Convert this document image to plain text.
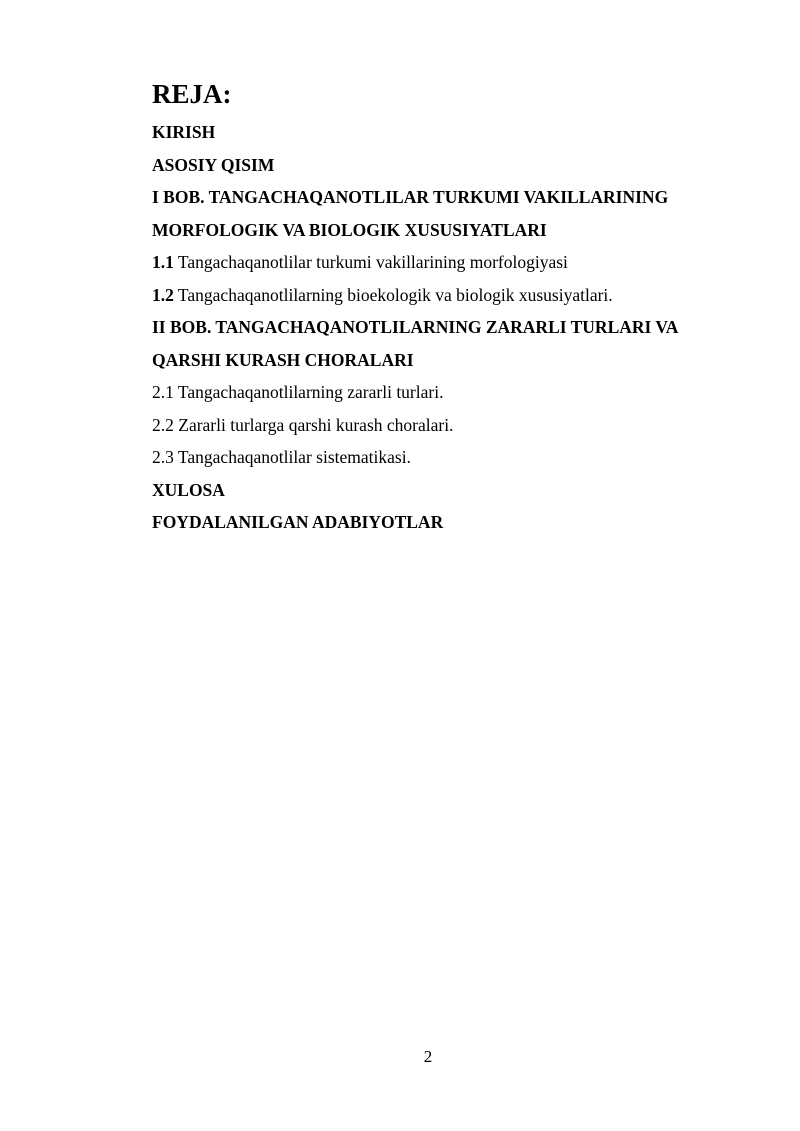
REJA:
KIRISH
ASOSIY QISIM
I BOB. TANGACHAQANOTLILAR TURKUMI VAKILLARINING
MORFOLOGIK VA BIOLOGIK XUSUSIYATLARI
1.1 Tangachaqanotlilar turkumi vakillarining morfologiyasi
1.2 Tangachaqanotlilarning bioekologik va biologik xususiyatlari.
II BOB. TANGACHAQANOTLILARNING ZARARLI TURLARI VA
QARSHI KURASH CHORALARI
2.1 Tangachaqanotlilarning zararli turlari.
2.2 Zararli turlarga qarshi kurash choralari.
2.3 Tangachaqanotlilar sistematikasi.
XULOSA
FOYDALANILGAN ADABIYOTLAR
2
